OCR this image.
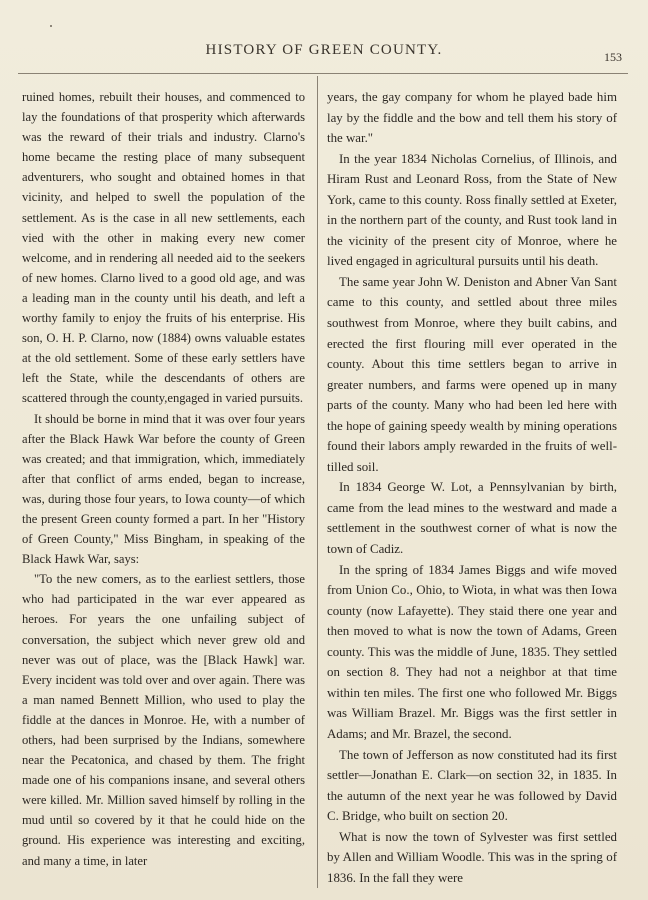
HISTORY OF GREEN COUNTY.	153

ruined homes, rebuilt their houses, and commenced to lay the foundations of that prosperity which afterwards was the reward of their trials and industry. Clarno's home became the resting place of many subsequent adventurers, who sought and obtained homes in that vicinity, and helped to swell the population of the settlement. As is the case in all new settlements, each vied with the other in making every new comer welcome, and in rendering all needed aid to the seekers of new homes. Clarno lived to a good old age, and was a leading man in the county until his death, and left a worthy family to enjoy the fruits of his enterprise. His son, O. H. P. Clarno, now (1884) owns valuable estates at the old settlement. Some of these early settlers have left the State, while the descendants of others are scattered through the county,engaged in varied pursuits.

It should be borne in mind that it was over four years after the Black Hawk War before the county of Green was created; and that immigration, which, immediately after that conflict of arms ended, began to increase, was, during those four years, to Iowa county—of which the present Green county formed a part. In her "History of Green County," Miss Bingham, in speaking of the Black Hawk War, says:

"To the new comers, as to the earliest settlers, those who had participated in the war ever appeared as heroes. For years the one unfailing subject of conversation, the subject which never grew old and never was out of place, was the [Black Hawk] war. Every incident was told over and over again. There was a man named Bennett Million, who used to play the fiddle at the dances in Monroe. He, with a number of others, had been surprised by the Indians, somewhere near the Pecatonica, and chased by them. The fright made one of his companions insane, and several others were killed. Mr. Million saved himself by rolling in the mud until so covered by it that he could hide on the ground. His experience was interesting and exciting, and many a time, in later

years, the gay company for whom he played bade him lay by the fiddle and the bow and tell them his story of the war."

In the year 1834 Nicholas Cornelius, of Illinois, and Hiram Rust and Leonard Ross, from the State of New York, came to this county. Ross finally settled at Exeter, in the northern part of the county, and Rust took land in the vicinity of the present city of Monroe, where he lived engaged in agricultural pursuits until his death.

The same year John W. Deniston and Abner Van Sant came to this county, and settled about three miles southwest from Monroe, where they built cabins, and erected the first flouring mill ever operated in the county. About this time settlers began to arrive in greater numbers, and farms were opened up in many parts of the county. Many who had been led here with the hope of gaining speedy wealth by mining operations found their labors amply rewarded in the fruits of well-tilled soil.

In 1834 George W. Lot, a Pennsylvanian by birth, came from the lead mines to the westward and made a settlement in the southwest corner of what is now the town of Cadiz.

In the spring of 1834 James Biggs and wife moved from Union Co., Ohio, to Wiota, in what was then Iowa county (now Lafayette). They staid there one year and then moved to what is now the town of Adams, Green county. This was the middle of June, 1835. They settled on section 8. They had not a neighbor at that time within ten miles. The first one who followed Mr. Biggs was William Brazel. Mr. Biggs was the first settler in Adams; and Mr. Brazel, the second.

The town of Jefferson as now constituted had its first settler—Jonathan E. Clark—on section 32, in 1835. In the autumn of the next year he was followed by David C. Bridge, who built on section 20.

What is now the town of Sylvester was first settled by Allen and William Woodle. This was in the spring of 1836. In the fall they were
